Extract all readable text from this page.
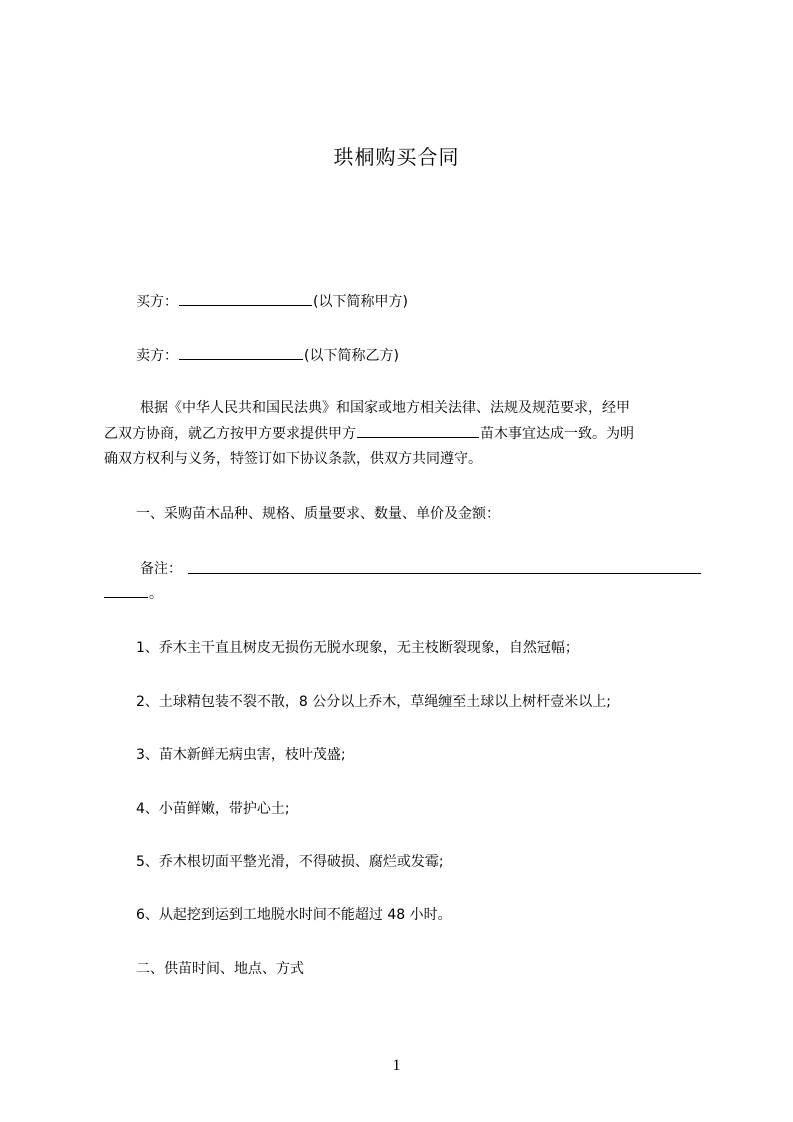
珙桐购买合同
买方：	(以下简称甲方)
卖方：	(以下简称乙方)
根据《中华人民共和国民法典》和国家或地方相关法律、法规及规范要求，经甲
乙双方协商，就乙方按甲方要求提供甲方	苗木事宜达成一致。为明
确双方权利与义务，特签订如下协议条款，供双方共同遵守。
一、采购苗木品种、规格、质量要求、数量、单价及金额：
备注：
。
1、乔木主干直且树皮无损伤无脱水现象，无主枝断裂现象，自然冠幅；
2、土球精包装不裂不散，8 公分以上乔木，草绳缠至土球以上树杆壹米以上;
3、苗木新鲜无病虫害，枝叶茂盛;
4、小苗鲜嫩，带护心土;
5、乔木根切面平整光滑，不得破损、腐烂或发霉;
6、从起挖到运到工地脱水时间不能超过 48 小时。
二、供苗时间、地点、方式
1
